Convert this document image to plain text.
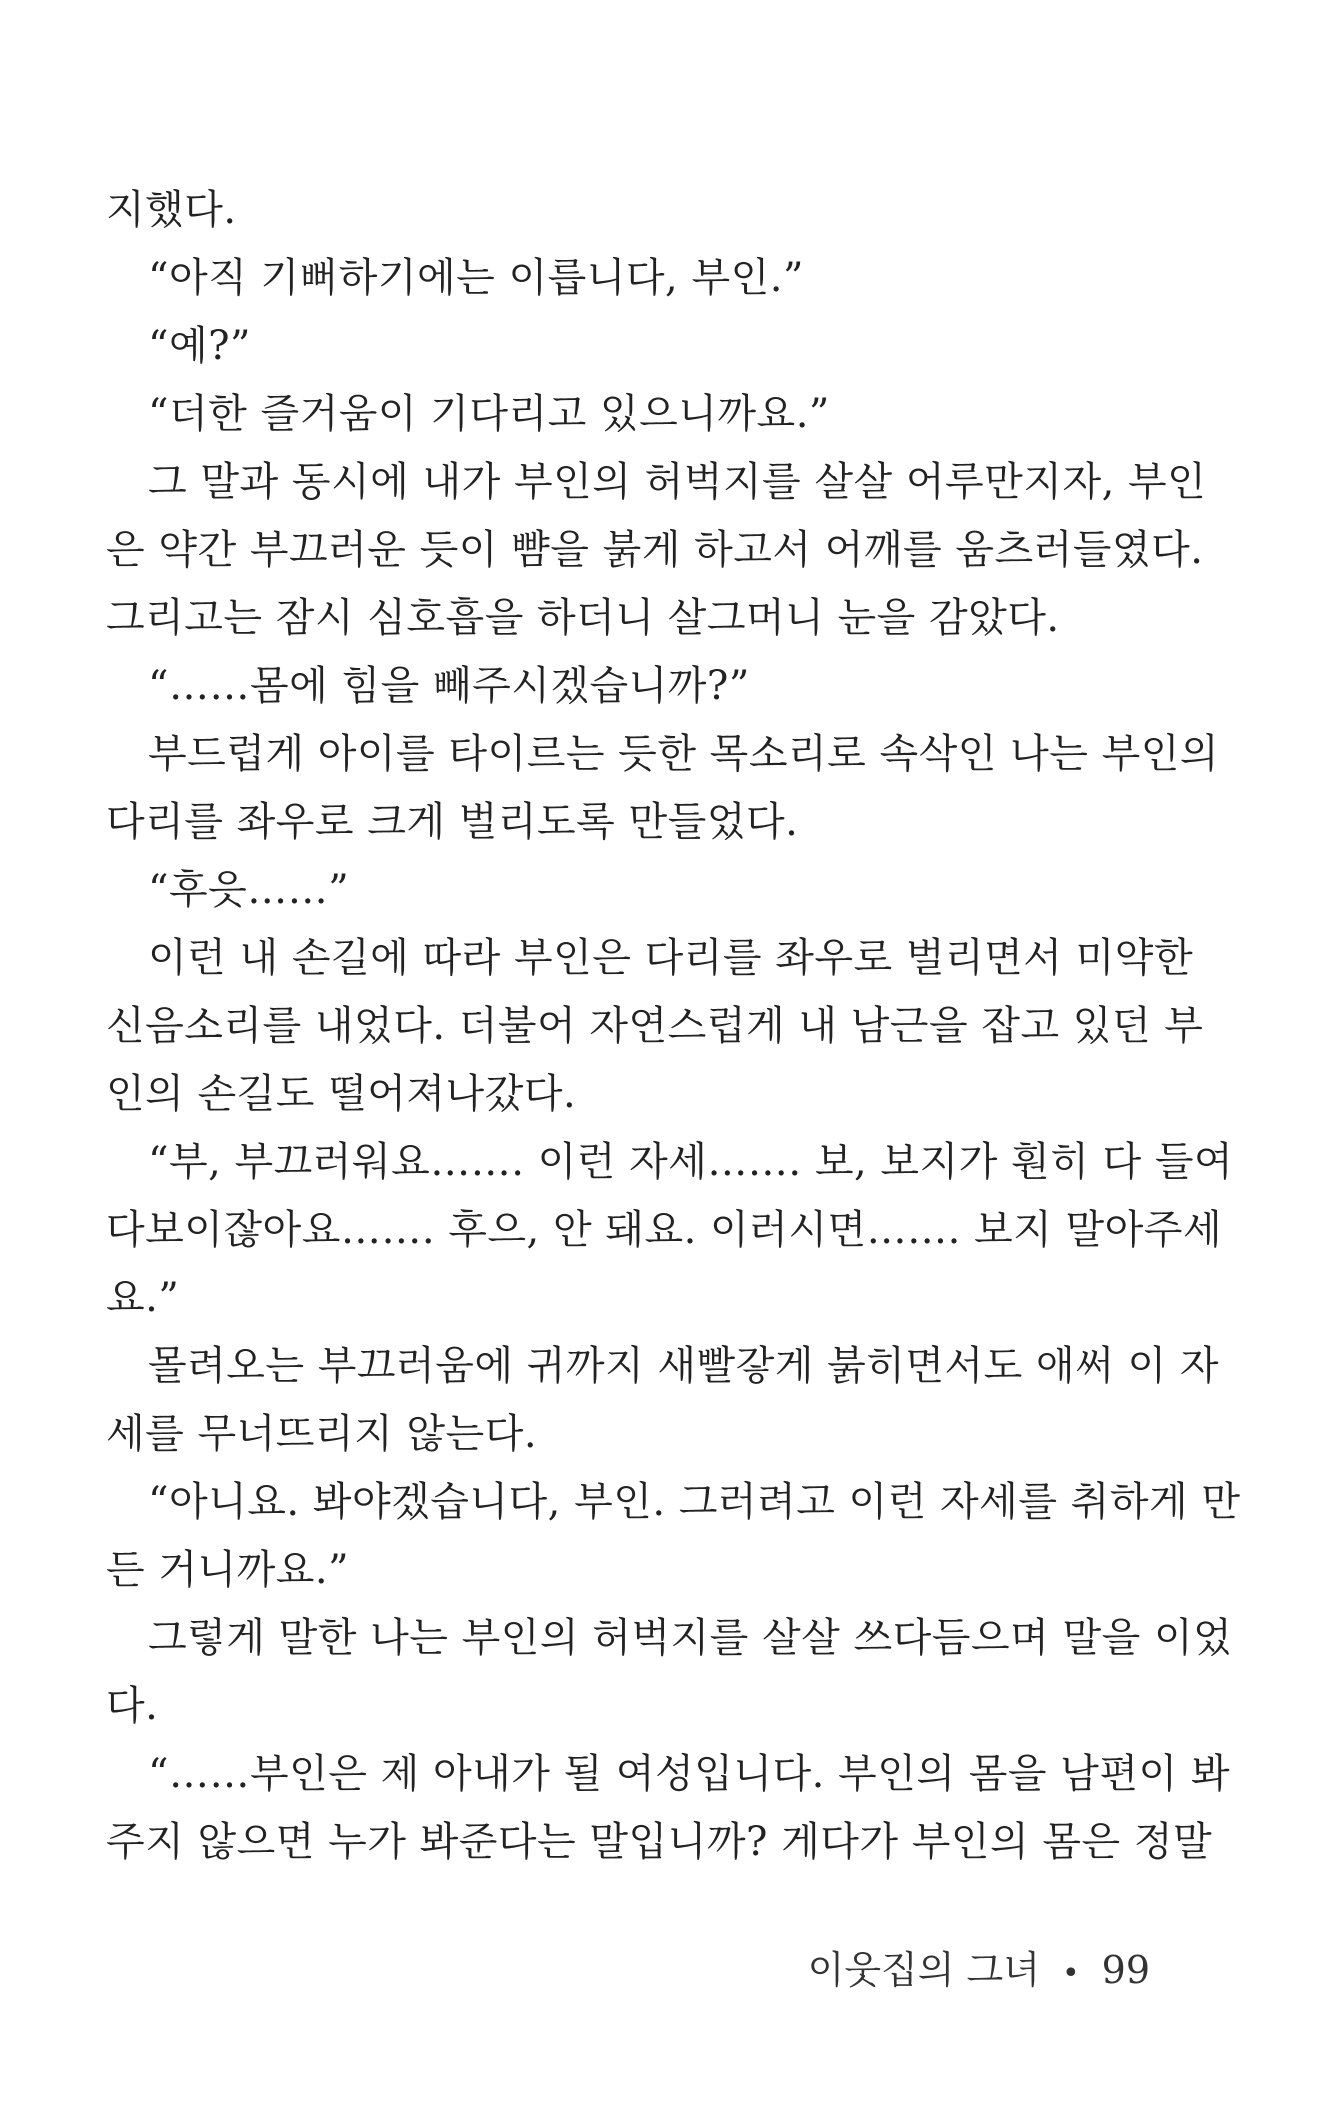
지했다.
“아직 기뻐하기에는 이릅니다, 부인.”
“예?”
“더한 즐거움이 기다리고 있으니까요.”
그 말과 동시에 내가 부인의 허벅지를 살살 어루만지자, 부인
은 약간 부끄러운 듯이 뺨을 붉게 하고서 어깨를 움츠러들였다.
그리고는 잠시 심호흡을 하더니 살그머니 눈을 감았다.
“……몸에 힘을 빼주시겠습니까?”
부드럽게 아이를 타이르는 듯한 목소리로 속삭인 나는 부인의
다리를 좌우로 크게 벌리도록 만들었다.
“후읏……”
이런 내 손길에 따라 부인은 다리를 좌우로 벌리면서 미약한
신음소리를 내었다. 더불어 자연스럽게 내 남근을 잡고 있던 부
인의 손길도 떨어져나갔다.
“부, 부끄러워요……. 이런 자세……. 보, 보지가 훤히 다 들여
다보이잖아요……. 후으, 안 돼요. 이러시면……. 보지 말아주세
요.”
몰려오는 부끄러움에 귀까지 새빨갛게 붉히면서도 애써 이 자
세를 무너뜨리지 않는다.
“아니요. 봐야겠습니다, 부인. 그러려고 이런 자세를 취하게 만
든 거니까요.”
그렇게 말한 나는 부인의 허벅지를 살살 쓰다듬으며 말을 이었
다.
“……부인은 제 아내가 될 여성입니다. 부인의 몸을 남편이 봐
주지 않으면 누가 봐준다는 말입니까? 게다가 부인의 몸은 정말
이웃집의 그녀 • 99
